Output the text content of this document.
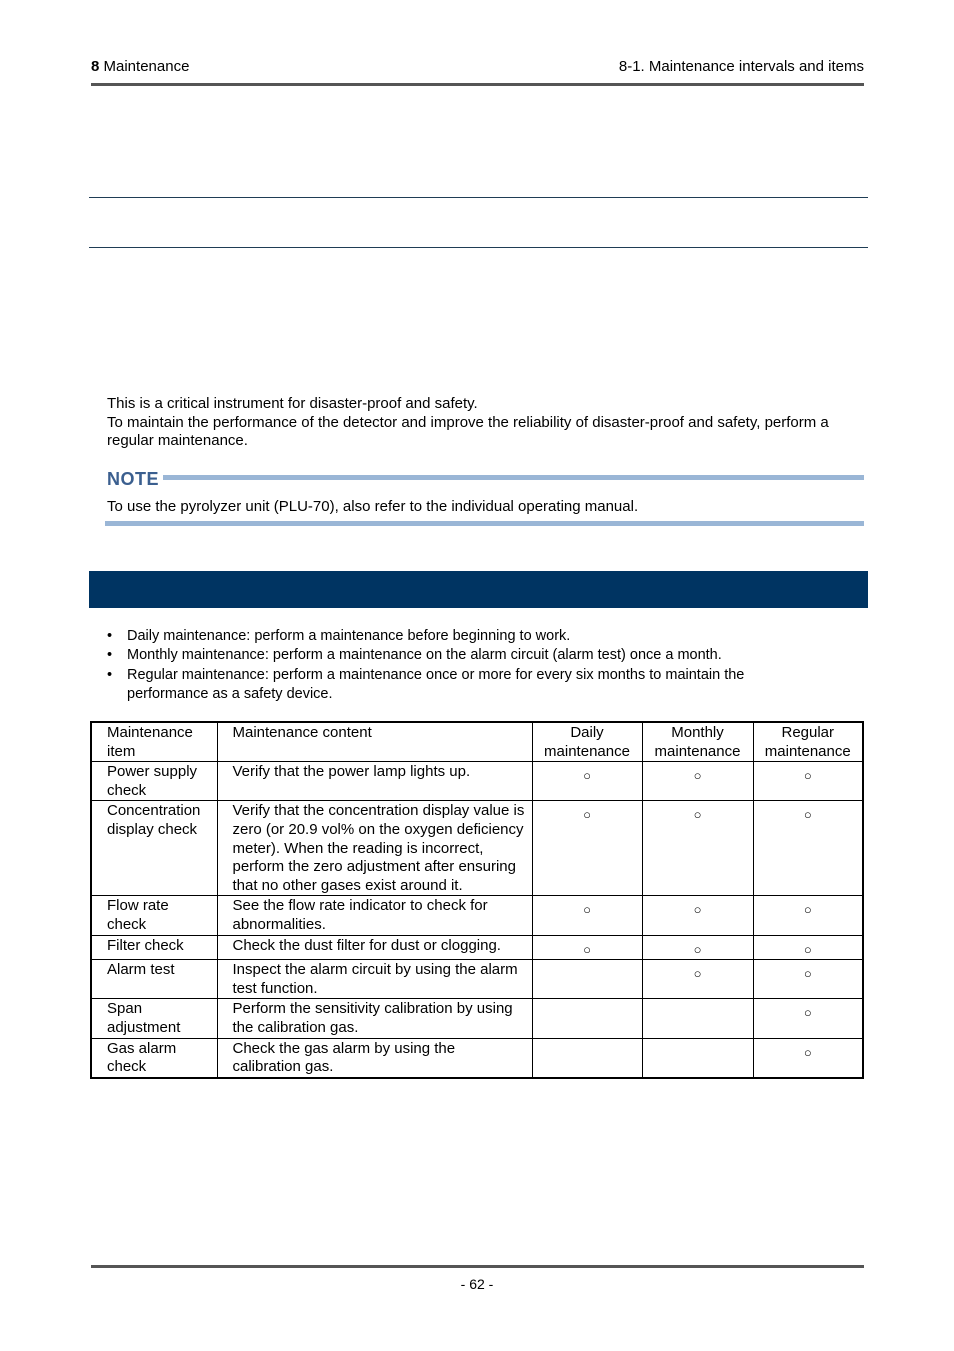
8 Maintenance	8-1. Maintenance intervals and items
This is a critical instrument for disaster-proof and safety.
To maintain the performance of the detector and improve the reliability of disaster-proof and safety, perform a regular maintenance.
NOTE
To use the pyrolyzer unit (PLU-70), also refer to the individual operating manual.
• Daily maintenance: perform a maintenance before beginning to work.
• Monthly maintenance: perform a maintenance on the alarm circuit (alarm test) once a month.
• Regular maintenance: perform a maintenance once or more for every six months to maintain the performance as a safety device.
Maintenance item	Maintenance content	Daily maintenance	Monthly maintenance	Regular maintenance
Power supply check	Verify that the power lamp lights up.	○	○	○
Concentration display check	Verify that the concentration display value is zero (or 20.9 vol% on the oxygen deficiency meter). When the reading is incorrect, perform the zero adjustment after ensuring that no other gases exist around it.	○	○	○
Flow rate check	See the flow rate indicator to check for abnormalities.	○	○	○
Filter check	Check the dust filter for dust or clogging.	○	○	○
Alarm test	Inspect the alarm circuit by using the alarm test function.		○	○
Span adjustment	Perform the sensitivity calibration by using the calibration gas.			○
Gas alarm check	Check the gas alarm by using the calibration gas.			○
- 62 -
